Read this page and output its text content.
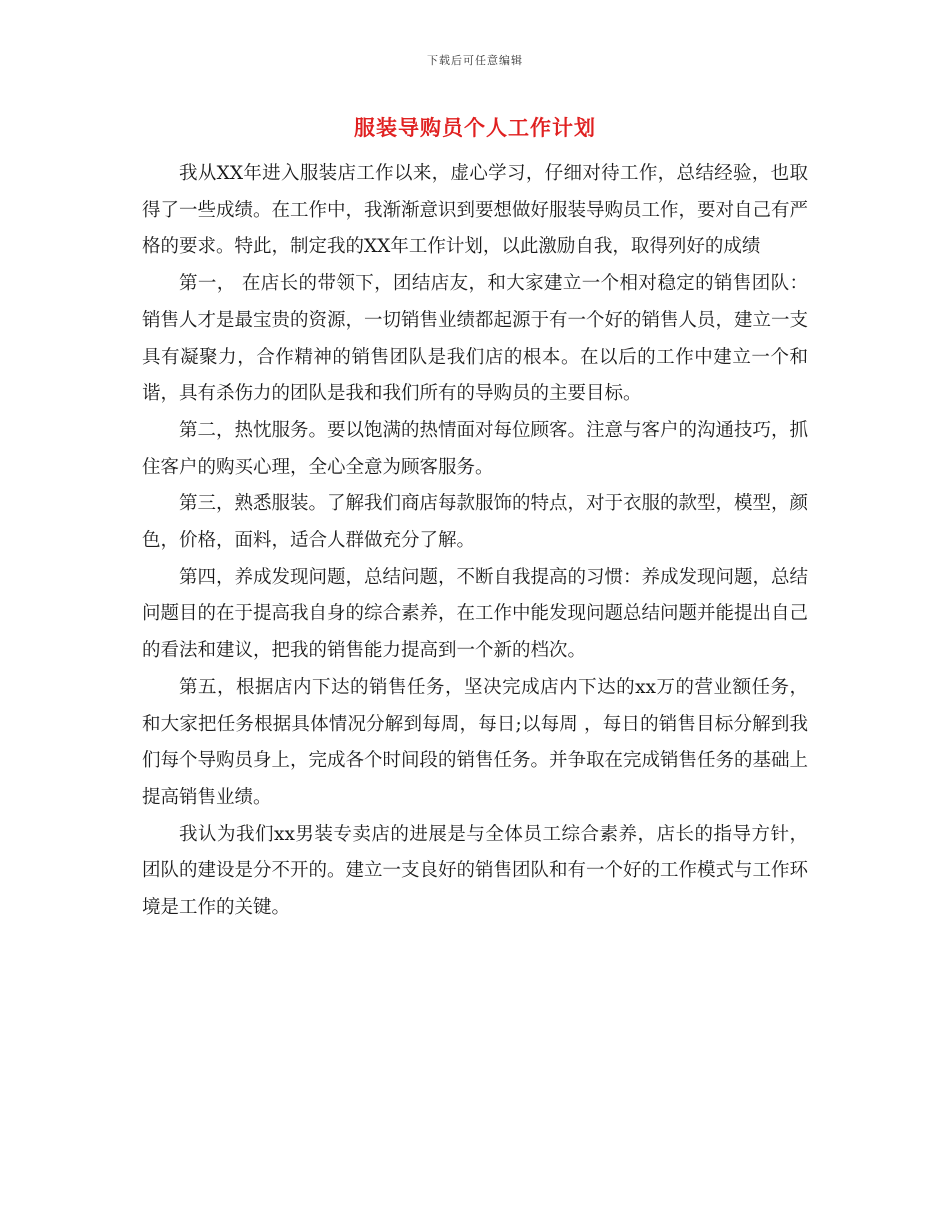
下载后可任意编辑
服装导购员个人工作计划

我从XX年进入服装店工作以来，虚心学习，仔细对待工作，总结经验，也取得了一些成绩。在工作中，我渐渐意识到要想做好服装导购员工作，要对自己有严格的要求。特此，制定我的XX年工作计划，以此激励自我，取得列好的成绩

第一， 在店长的带领下，团结店友，和大家建立一个相对稳定的销售团队：销售人才是最宝贵的资源，一切销售业绩都起源于有一个好的销售人员，建立一支具有凝聚力，合作精神的销售团队是我们店的根本。在以后的工作中建立一个和谐，具有杀伤力的团队是我和我们所有的导购员的主要目标。

第二，热忱服务。要以饱满的热情面对每位顾客。注意与客户的沟通技巧，抓住客户的购买心理，全心全意为顾客服务。

第三，熟悉服装。了解我们商店每款服饰的特点，对于衣服的款型，模型，颜色，价格，面料，适合人群做充分了解。

第四，养成发现问题，总结问题，不断自我提高的习惯：养成发现问题，总结问题目的在于提高我自身的综合素养，在工作中能发现问题总结问题并能提出自己的看法和建议，把我的销售能力提高到一个新的档次。

第五，根据店内下达的销售任务，坚决完成店内下达的xx万的营业额任务，和大家把任务根据具体情况分解到每周，每日;以每周 ，每日的销售目标分解到我们每个导购员身上，完成各个时间段的销售任务。并争取在完成销售任务的基础上提高销售业绩。

我认为我们xx男装专卖店的进展是与全体员工综合素养，店长的指导方针，团队的建设是分不开的。建立一支良好的销售团队和有一个好的工作模式与工作环境是工作的关键。
